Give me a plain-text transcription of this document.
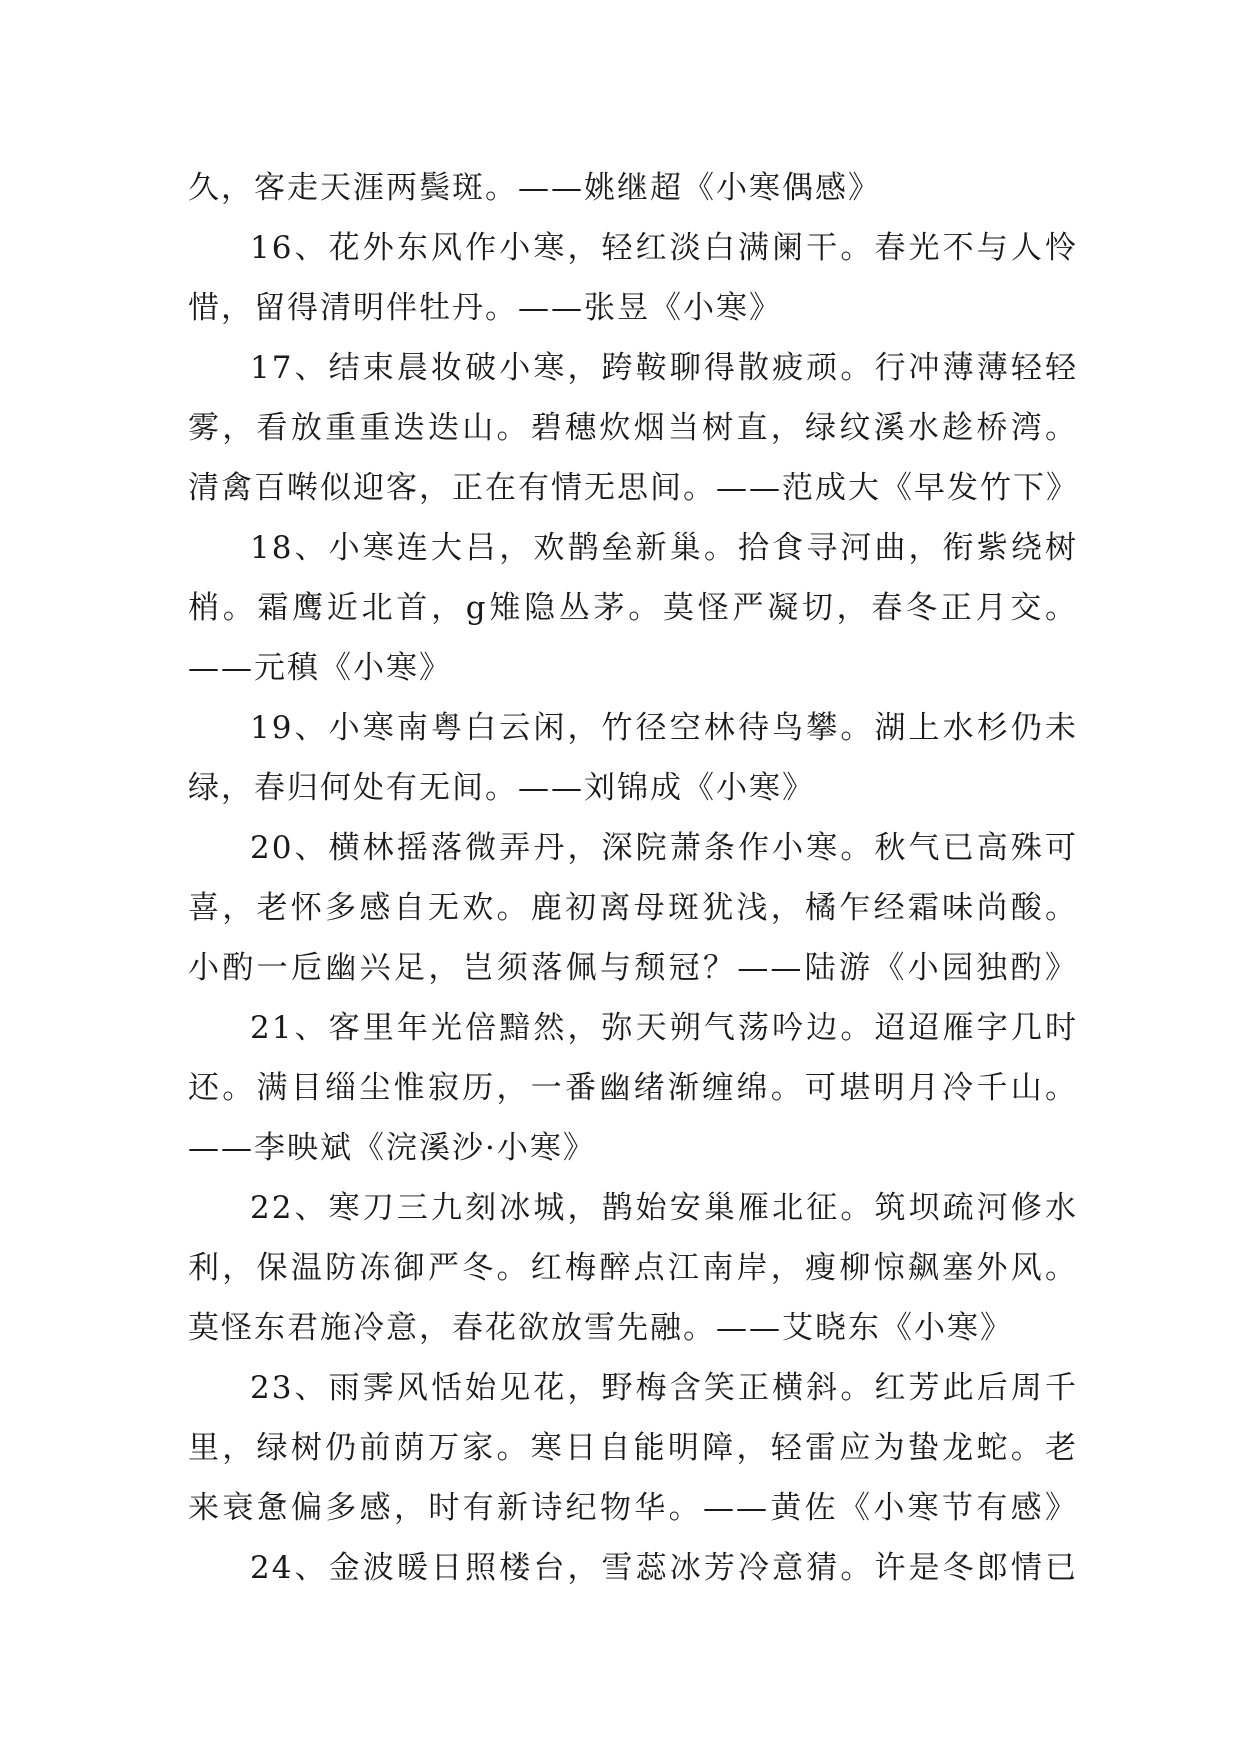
久，客走天涯两鬓斑。——姚继超《小寒偶感》
16、花外东风作小寒，轻红淡白满阑干。春光不与人怜
惜，留得清明伴牡丹。——张昱《小寒》
17、结束晨妆破小寒，跨鞍聊得散疲顽。行冲薄薄轻轻
雾，看放重重迭迭山。碧穗炊烟当树直，绿纹溪水趁桥湾。
清禽百啭似迎客，正在有情无思间。——范成大《早发竹下》
18、小寒连大吕，欢鹊垒新巢。拾食寻河曲，衔紫绕树
梢。霜鹰近北首，g雉隐丛茅。莫怪严凝切，春冬正月交。
——元稹《小寒》
19、小寒南粤白云闲，竹径空林待鸟攀。湖上水杉仍未
绿，春归何处有无间。——刘锦成《小寒》
20、横林摇落微弄丹，深院萧条作小寒。秋气已高殊可
喜，老怀多感自无欢。鹿初离母斑犹浅，橘乍经霜味尚酸。
小酌一卮幽兴足，岂须落佩与颓冠？——陆游《小园独酌》
21、客里年光倍黯然，弥天朔气荡吟边。迢迢雁字几时
还。满目缁尘惟寂历，一番幽绪渐缠绵。可堪明月冷千山。
——李映斌《浣溪沙·小寒》
22、寒刀三九刻冰城，鹊始安巢雁北征。筑坝疏河修水
利，保温防冻御严冬。红梅醉点江南岸，瘦柳惊飙塞外风。
莫怪东君施冷意，春花欲放雪先融。——艾晓东《小寒》
23、雨霁风恬始见花，野梅含笑正横斜。红芳此后周千
里，绿树仍前荫万家。寒日自能明障，轻雷应为蛰龙蛇。老
来衰惫偏多感，时有新诗纪物华。——黄佐《小寒节有感》
24、金波暖日照楼台，雪蕊冰芳冷意猜。许是冬郎情已
